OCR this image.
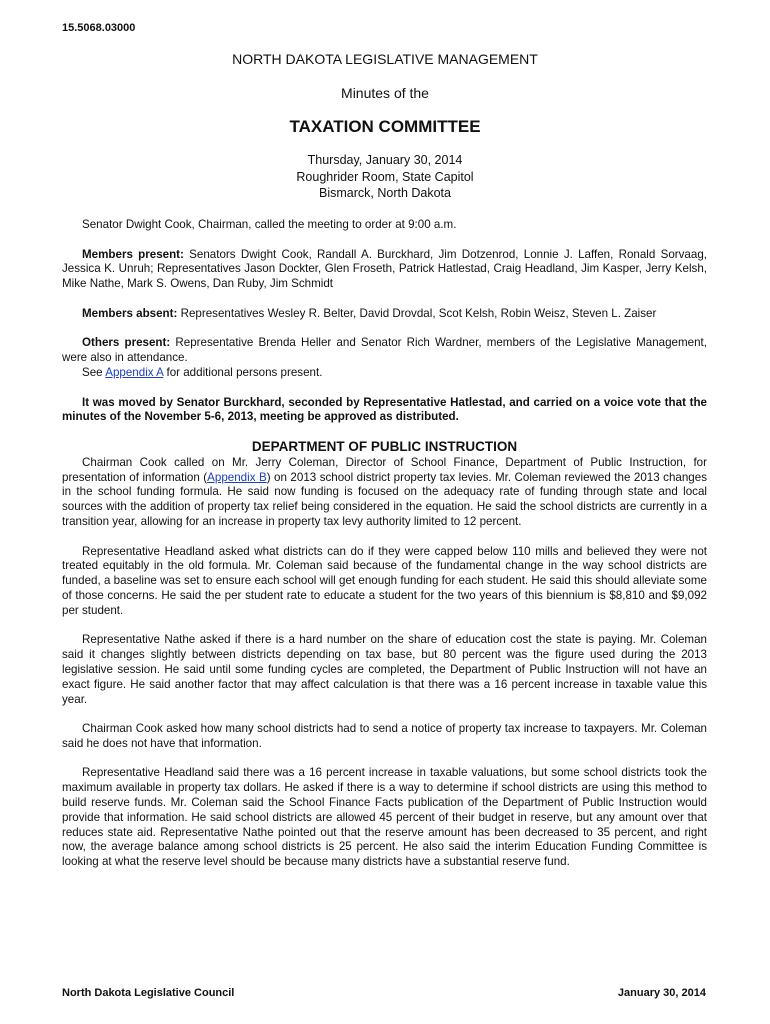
15.5068.03000
NORTH DAKOTA LEGISLATIVE MANAGEMENT
Minutes of the
TAXATION COMMITTEE
Thursday, January 30, 2014
Roughrider Room, State Capitol
Bismarck, North Dakota

Senator Dwight Cook, Chairman, called the meeting to order at 9:00 a.m.

Members present: Senators Dwight Cook, Randall A. Burckhard, Jim Dotzenrod, Lonnie J. Laffen, Ronald Sorvaag, Jessica K. Unruh; Representatives Jason Dockter, Glen Froseth, Patrick Hatlestad, Craig Headland, Jim Kasper, Jerry Kelsh, Mike Nathe, Mark S. Owens, Dan Ruby, Jim Schmidt

Members absent: Representatives Wesley R. Belter, David Drovdal, Scot Kelsh, Robin Weisz, Steven L. Zaiser

Others present: Representative Brenda Heller and Senator Rich Wardner, members of the Legislative Management, were also in attendance.

See Appendix A for additional persons present.

It was moved by Senator Burckhard, seconded by Representative Hatlestad, and carried on a voice vote that the minutes of the November 5-6, 2013, meeting be approved as distributed.

DEPARTMENT OF PUBLIC INSTRUCTION

Chairman Cook called on Mr. Jerry Coleman, Director of School Finance, Department of Public Instruction, for presentation of information (Appendix B) on 2013 school district property tax levies. Mr. Coleman reviewed the 2013 changes in the school funding formula. He said now funding is focused on the adequacy rate of funding through state and local sources with the addition of property tax relief being considered in the equation. He said the school districts are currently in a transition year, allowing for an increase in property tax levy authority limited to 12 percent.

Representative Headland asked what districts can do if they were capped below 110 mills and believed they were not treated equitably in the old formula. Mr. Coleman said because of the fundamental change in the way school districts are funded, a baseline was set to ensure each school will get enough funding for each student. He said this should alleviate some of those concerns. He said the per student rate to educate a student for the two years of this biennium is $8,810 and $9,092 per student.

Representative Nathe asked if there is a hard number on the share of education cost the state is paying. Mr. Coleman said it changes slightly between districts depending on tax base, but 80 percent was the figure used during the 2013 legislative session. He said until some funding cycles are completed, the Department of Public Instruction will not have an exact figure. He said another factor that may affect calculation is that there was a 16 percent increase in taxable value this year.

Chairman Cook asked how many school districts had to send a notice of property tax increase to taxpayers. Mr. Coleman said he does not have that information.

Representative Headland said there was a 16 percent increase in taxable valuations, but some school districts took the maximum available in property tax dollars. He asked if there is a way to determine if school districts are using this method to build reserve funds. Mr. Coleman said the School Finance Facts publication of the Department of Public Instruction would provide that information. He said school districts are allowed 45 percent of their budget in reserve, but any amount over that reduces state aid. Representative Nathe pointed out that the reserve amount has been decreased to 35 percent, and right now, the average balance among school districts is 25 percent. He also said the interim Education Funding Committee is looking at what the reserve level should be because many districts have a substantial reserve fund.

North Dakota Legislative Council	January 30, 2014
